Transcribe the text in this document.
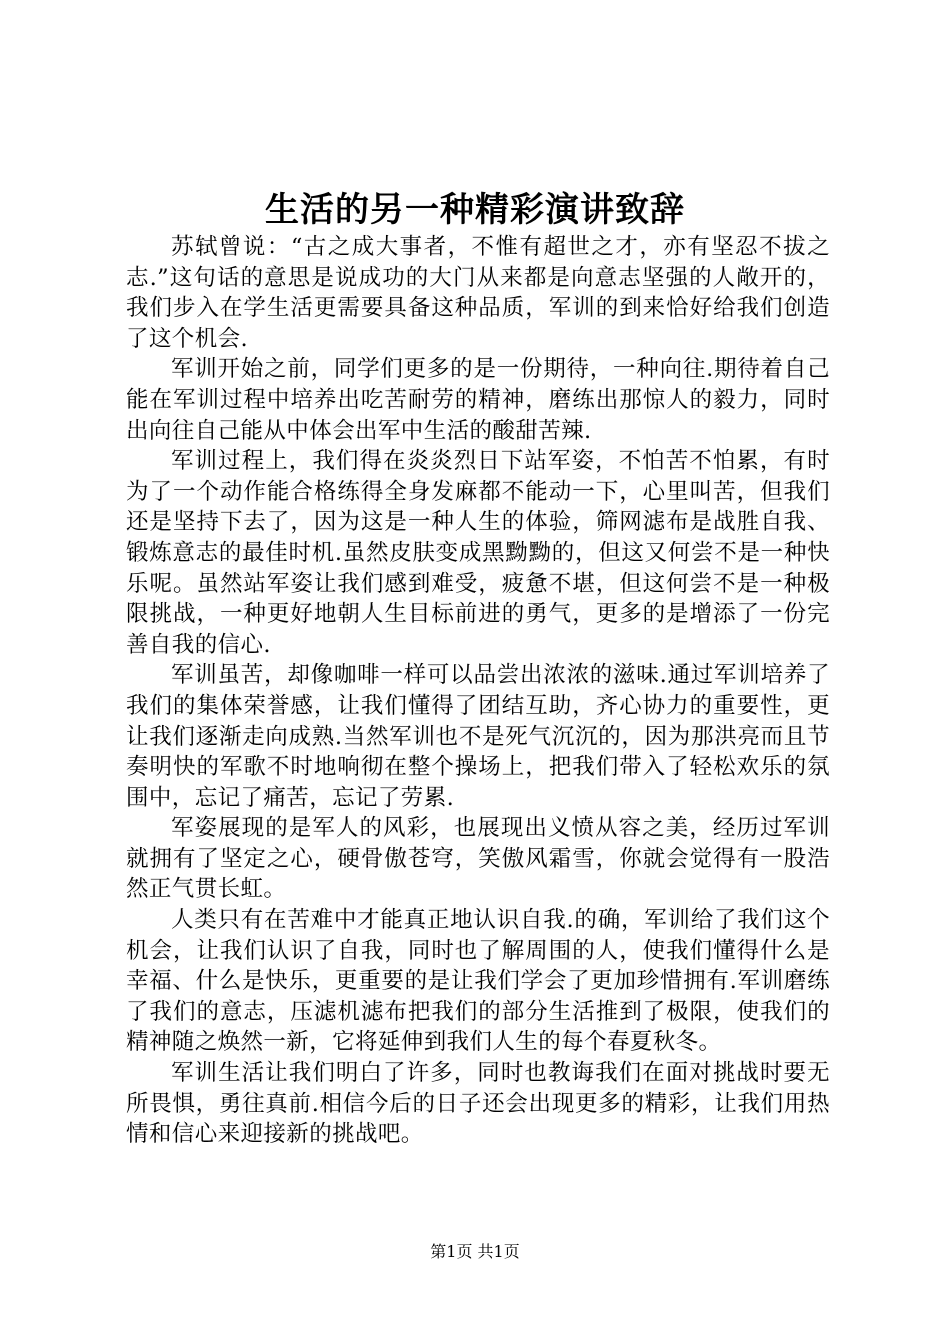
生活的另一种精彩演讲致辞

苏轼曾说：“古之成大事者，不惟有超世之才，亦有坚忍不拔之志.”这句话的意思是说成功的大门从来都是向意志坚强的人敞开的，我们步入在学生活更需要具备这种品质，军训的到来恰好给我们创造了这个机会.

军训开始之前，同学们更多的是一份期待，一种向往.期待着自己能在军训过程中培养出吃苦耐劳的精神，磨练出那惊人的毅力，同时出向往自己能从中体会出军中生活的酸甜苦辣.

军训过程上，我们得在炎炎烈日下站军姿，不怕苦不怕累，有时为了一个动作能合格练得全身发麻都不能动一下，心里叫苦，但我们还是坚持下去了，因为这是一种人生的体验，筛网滤布是战胜自我、锻炼意志的最佳时机.虽然皮肤变成黑黝黝的，但这又何尝不是一种快乐呢。虽然站军姿让我们感到难受，疲惫不堪，但这何尝不是一种极限挑战，一种更好地朝人生目标前进的勇气，更多的是增添了一份完善自我的信心.

军训虽苦，却像咖啡一样可以品尝出浓浓的滋味.通过军训培养了我们的集体荣誉感，让我们懂得了团结互助，齐心协力的重要性，更让我们逐渐走向成熟.当然军训也不是死气沉沉的，因为那洪亮而且节奏明快的军歌不时地响彻在整个操场上，把我们带入了轻松欢乐的氛围中，忘记了痛苦，忘记了劳累.

军姿展现的是军人的风彩，也展现出义愤从容之美，经历过军训就拥有了坚定之心，硬骨傲苍穹，笑傲风霜雪，你就会觉得有一股浩然正气贯长虹。

人类只有在苦难中才能真正地认识自我.的确，军训给了我们这个机会，让我们认识了自我，同时也了解周围的人，使我们懂得什么是幸福、什么是快乐，更重要的是让我们学会了更加珍惜拥有.军训磨练了我们的意志，压滤机滤布把我们的部分生活推到了极限，使我们的精神随之焕然一新，它将延伸到我们人生的每个春夏秋冬。

军训生活让我们明白了许多，同时也教诲我们在面对挑战时要无所畏惧，勇往真前.相信今后的日子还会出现更多的精彩，让我们用热情和信心来迎接新的挑战吧。

第1页 共1页
